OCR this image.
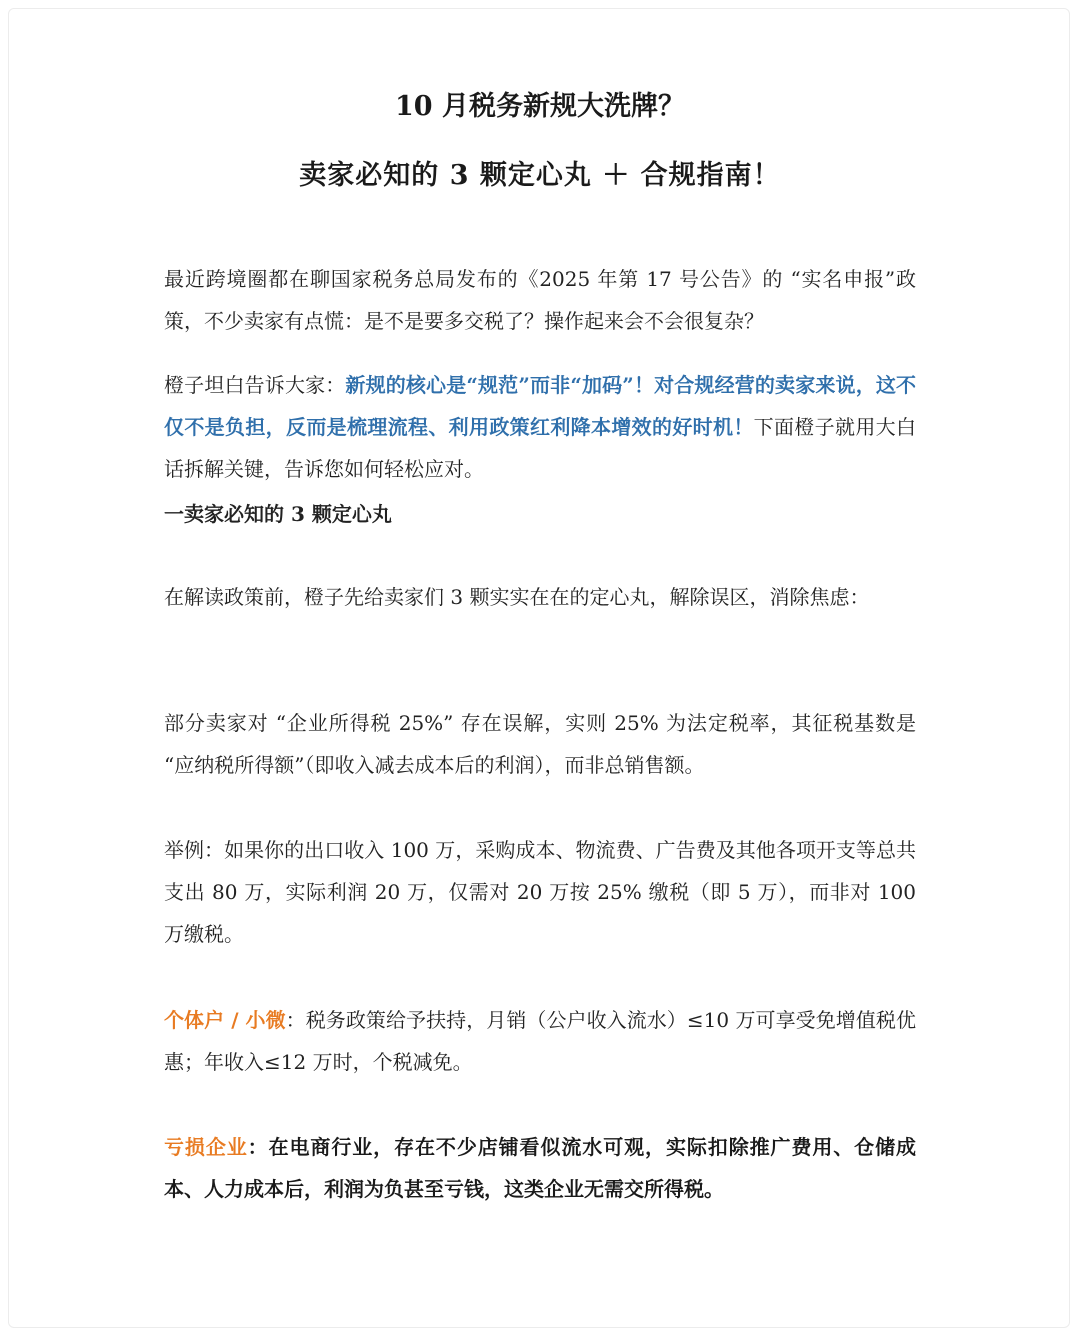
10 月税务新规大洗牌？
卖家必知的 3 颗定心丸 ＋ 合规指南！

最近跨境圈都在聊国家税务总局发布的《2025 年第 17 号公告》的 “实名申报”政策，不少卖家有点慌：是不是要多交税了？操作起来会不会很复杂？

橙子坦白告诉大家：新规的核心是“规范”而非“加码”！对合规经营的卖家来说，这不仅不是负担，反而是梳理流程、利用政策红利降本增效的好时机！下面橙子就用大白话拆解关键，告诉您如何轻松应对。

一卖家必知的 3 颗定心丸

在解读政策前，橙子先给卖家们 3 颗实实在在的定心丸，解除误区，消除焦虑：

部分卖家对 “企业所得税 25%” 存在误解，实则 25% 为法定税率，其征税基数是 “应纳税所得额”（即收入减去成本后的利润），而非总销售额。

举例：如果你的出口收入 100 万，采购成本、物流费、广告费及其他各项开支等总共支出 80 万，实际利润 20 万，仅需对 20 万按 25% 缴税（即 5 万），而非对 100 万缴税。

个体户 / 小微：税务政策给予扶持，月销（公户收入流水）≤10 万可享受免增值税优惠；年收入≤12 万时，个税减免。

亏损企业：在电商行业，存在不少店铺看似流水可观，实际扣除推广费用、仓储成本、人力成本后，利润为负甚至亏钱，这类企业无需交所得税。
